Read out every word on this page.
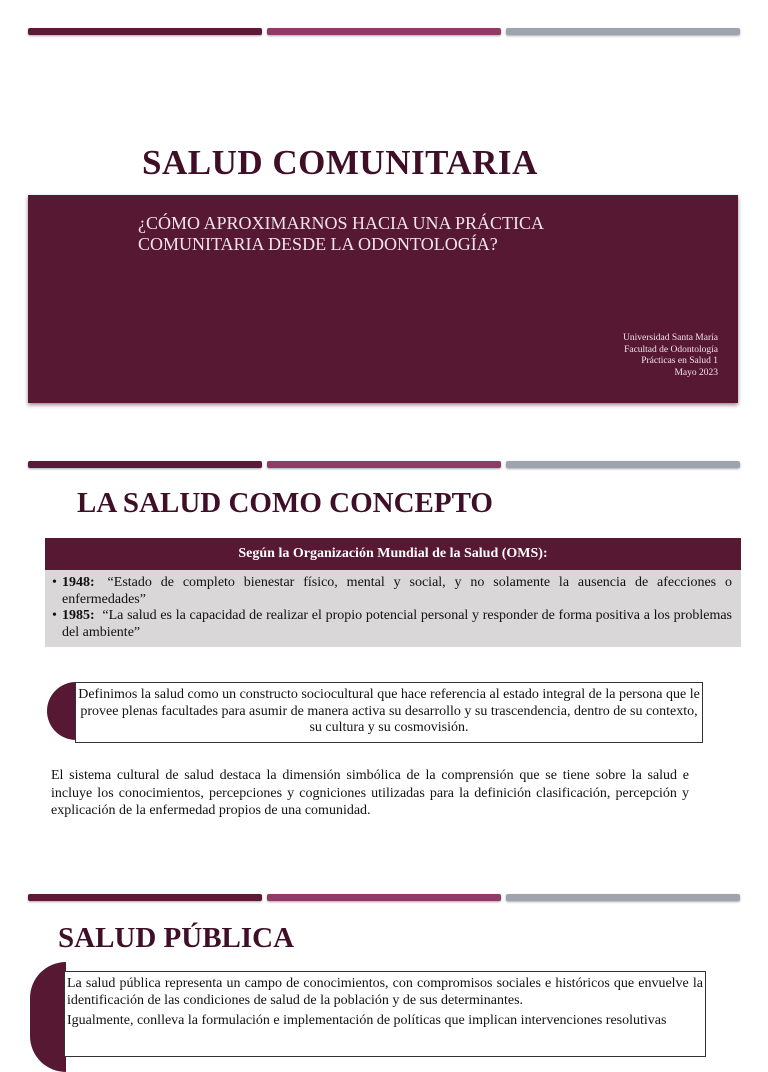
SALUD COMUNITARIA
¿CÓMO APROXIMARNOS HACIA UNA PRÁCTICA
COMUNITARIA DESDE LA ODONTOLOGÍA?
Universidad Santa María
Facultad de Odontología
Prácticas en Salud 1
Mayo 2023
LA SALUD COMO CONCEPTO
Según la Organización Mundial de la Salud (OMS):
• 1948: “Estado de completo bienestar físico, mental y social, y no solamente la ausencia de afecciones o enfermedades”
• 1985: “La salud es la capacidad de realizar el propio potencial personal y responder de forma positiva a los problemas del ambiente”
Definimos la salud como un constructo sociocultural que hace referencia al estado integral de la persona que le provee plenas facultades para asumir de manera activa su desarrollo y su trascendencia, dentro de su contexto, su cultura y su cosmovisión.
El sistema cultural de salud destaca la dimensión simbólica de la comprensión que se tiene sobre la salud e incluye los conocimientos, percepciones y cogniciones utilizadas para la definición clasificación, percepción y explicación de la enfermedad propios de una comunidad.
SALUD PÚBLICA

La salud pública representa un campo de conocimientos, con compromisos sociales e históricos que envuelve la identificación de las condiciones de salud de la población y de sus determinantes.

Igualmente, conlleva la formulación e implementación de políticas que implican intervenciones resolutivas
